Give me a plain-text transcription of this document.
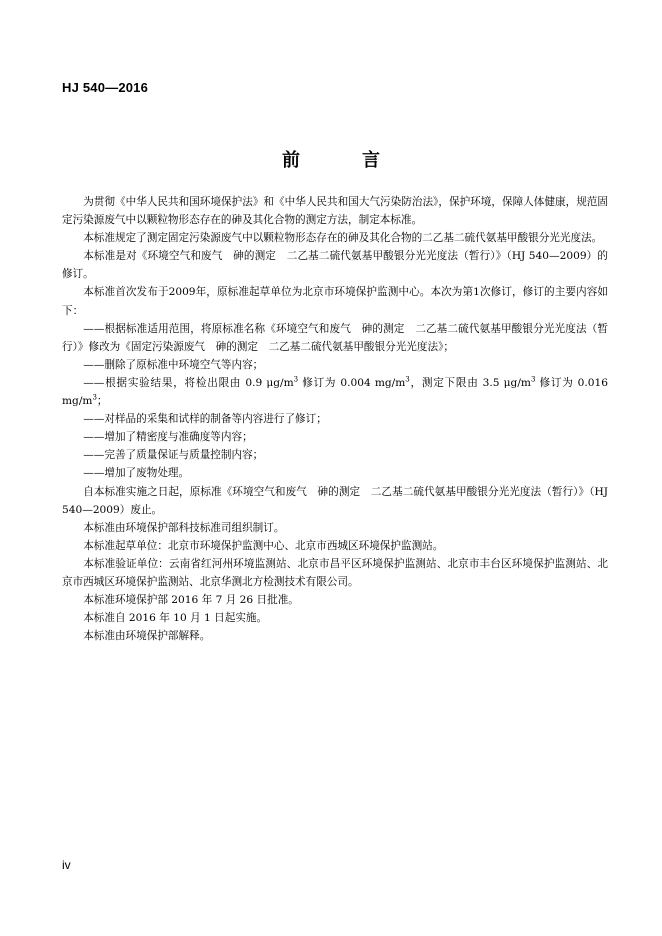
HJ 540—2016
前　言

为贯彻《中华人民共和国环境保护法》和《中华人民共和国大气污染防治法》，保护环境，保障人体健康，规范固定污染源废气中以颗粒物形态存在的砷及其化合物的测定方法，制定本标准。

本标准规定了测定固定污染源废气中以颗粒物形态存在的砷及其化合物的二乙基二硫代氨基甲酸银分光光度法。

本标准是对《环境空气和废气　砷的测定　二乙基二硫代氨基甲酸银分光光度法（暂行）》（HJ 540—2009）的修订。

本标准首次发布于2009年，原标准起草单位为北京市环境保护监测中心。本次为第1次修订，修订的主要内容如下：

——根据标准适用范围，将原标准名称《环境空气和废气　砷的测定　二乙基二硫代氨基甲酸银分光光度法（暂行）》修改为《固定污染源废气　砷的测定　二乙基二硫代氨基甲酸银分光光度法》；

——删除了原标准中环境空气等内容；

——根据实验结果，将检出限由 0.9 $\mu g/m^3$ 修订为 0.004 $mg/m^3$，测定下限由 3.5 $\mu g/m^3$ 修订为 0.016 $mg/m^3$；

——对样品的采集和试样的制备等内容进行了修订；

——增加了精密度与准确度等内容；

——完善了质量保证与质量控制内容；

——增加了废物处理。

自本标准实施之日起，原标准《环境空气和废气　砷的测定　二乙基二硫代氨基甲酸银分光光度法（暂行）》（HJ 540—2009）废止。

本标准由环境保护部科技标准司组织制订。

本标准起草单位：北京市环境保护监测中心、北京市西城区环境保护监测站。

本标准验证单位：云南省红河州环境监测站、北京市昌平区环境保护监测站、北京市丰台区环境保护监测站、北京市西城区环境保护监测站、北京华测北方检测技术有限公司。

本标准环境保护部 2016 年 7 月 26 日批准。

本标准自 2016 年 10 月 1 日起实施。

本标准由环境保护部解释。

iv
